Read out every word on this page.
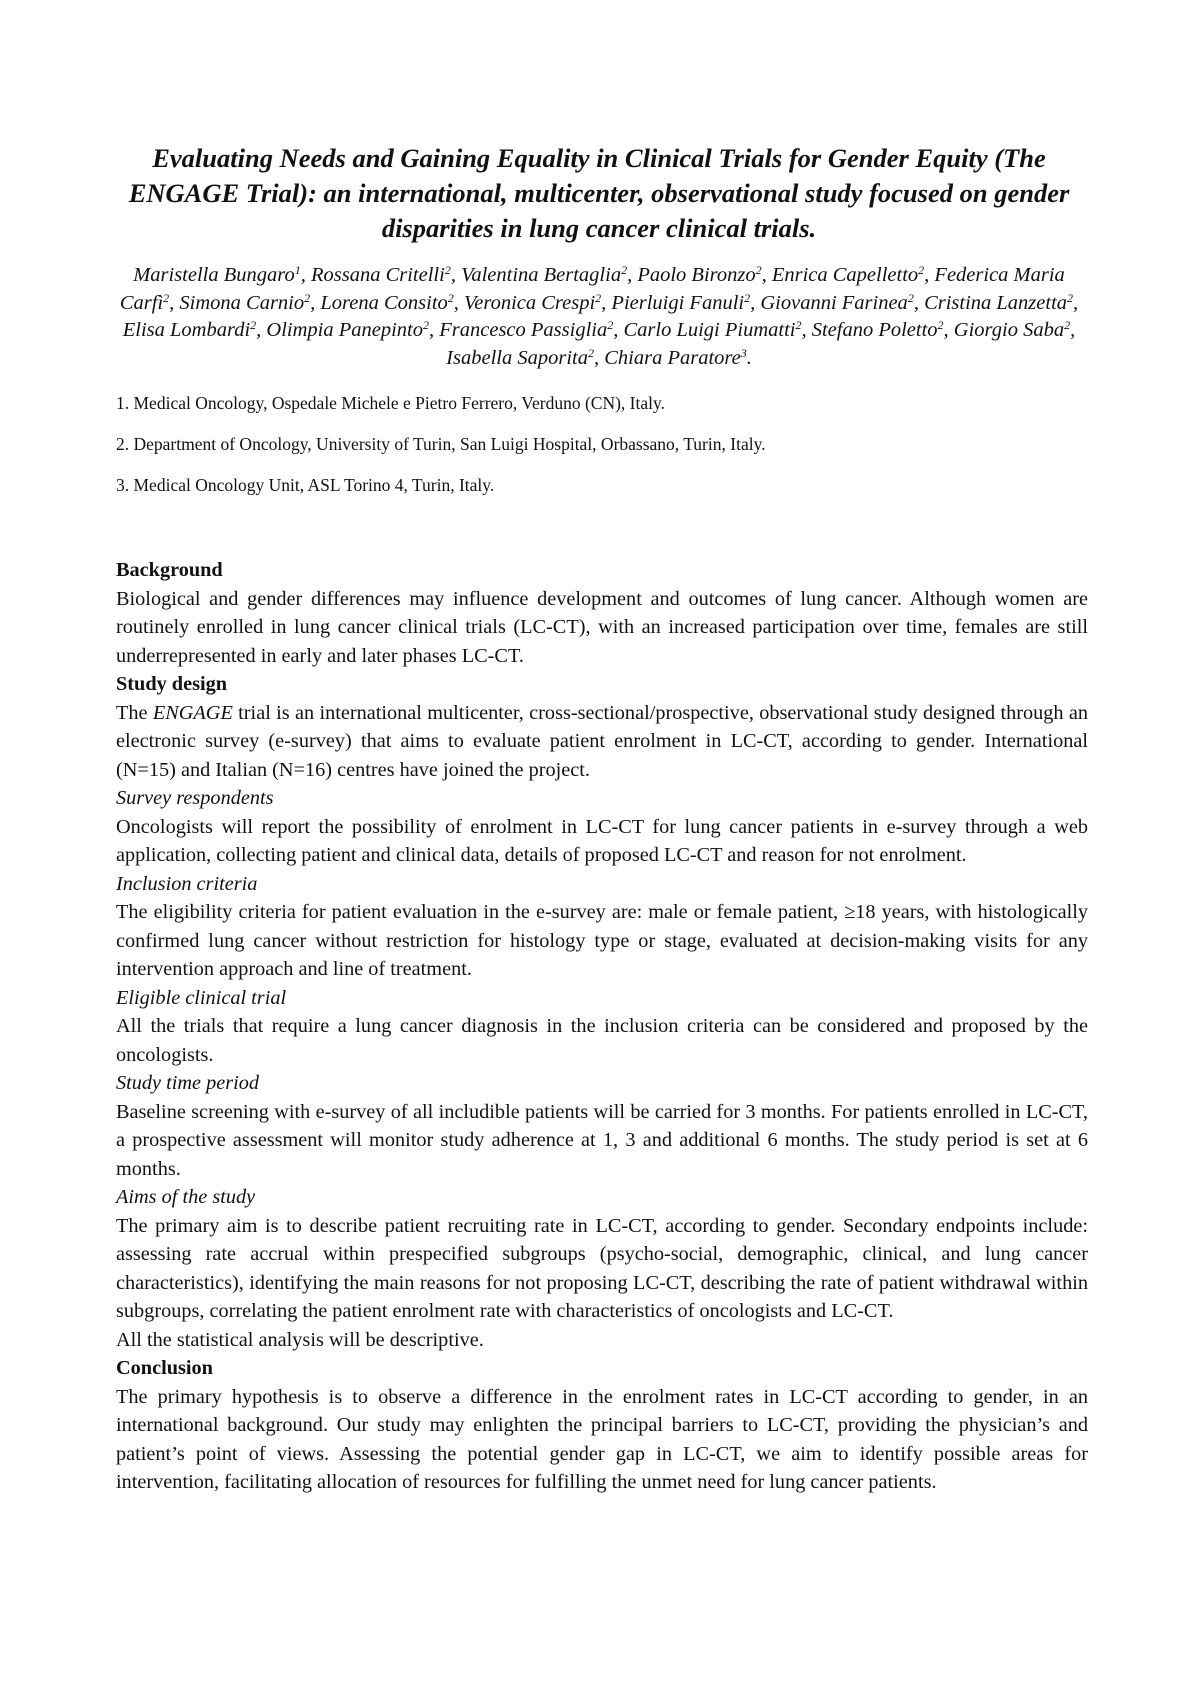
Evaluating Needs and Gaining Equality in Clinical Trials for Gender Equity (The ENGAGE Trial): an international, multicenter, observational study focused on gender disparities in lung cancer clinical trials.
Maristella Bungaro$^1$, Rossana Critelli$^2$, Valentina Bertaglia$^2$, Paolo Bironzo$^2$, Enrica Capelletto$^2$, Federica Maria Carfì$^2$, Simona Carnio$^2$, Lorena Consito$^2$, Veronica Crespi$^2$, Pierluigi Fanuli$^2$, Giovanni Farinea$^2$, Cristina Lanzetta$^2$, Elisa Lombardi$^2$, Olimpia Panepinto$^2$, Francesco Passiglia$^2$, Carlo Luigi Piumatti$^2$, Stefano Poletto$^2$, Giorgio Saba$^2$, Isabella Saporita$^2$, Chiara Paratore$^3$.
1. Medical Oncology, Ospedale Michele e Pietro Ferrero, Verduno (CN), Italy.
2. Department of Oncology, University of Turin, San Luigi Hospital, Orbassano, Turin, Italy.
3. Medical Oncology Unit, ASL Torino 4, Turin, Italy.

Background

Biological and gender differences may influence development and outcomes of lung cancer. Although women are routinely enrolled in lung cancer clinical trials (LC-CT), with an increased participation over time, females are still underrepresented in early and later phases LC-CT.

Study design

The ENGAGE trial is an international multicenter, cross-sectional/prospective, observational study designed through an electronic survey (e-survey) that aims to evaluate patient enrolment in LC-CT, according to gender. International (N=15) and Italian (N=16) centres have joined the project.

Survey respondents

Oncologists will report the possibility of enrolment in LC-CT for lung cancer patients in e-survey through a web application, collecting patient and clinical data, details of proposed LC-CT and reason for not enrolment.

Inclusion criteria

The eligibility criteria for patient evaluation in the e-survey are: male or female patient, ≥18 years, with histologically confirmed lung cancer without restriction for histology type or stage, evaluated at decision-making visits for any intervention approach and line of treatment.

Eligible clinical trial

All the trials that require a lung cancer diagnosis in the inclusion criteria can be considered and proposed by the oncologists.

Study time period

Baseline screening with e-survey of all includible patients will be carried for 3 months. For patients enrolled in LC-CT, a prospective assessment will monitor study adherence at 1, 3 and additional 6 months. The study period is set at 6 months.

Aims of the study

The primary aim is to describe patient recruiting rate in LC-CT, according to gender. Secondary endpoints include: assessing rate accrual within prespecified subgroups (psycho-social, demographic, clinical, and lung cancer characteristics), identifying the main reasons for not proposing LC-CT, describing the rate of patient withdrawal within subgroups, correlating the patient enrolment rate with characteristics of oncologists and LC-CT.

All the statistical analysis will be descriptive.

Conclusion

The primary hypothesis is to observe a difference in the enrolment rates in LC-CT according to gender, in an international background. Our study may enlighten the principal barriers to LC-CT, providing the physician’s and patient’s point of views. Assessing the potential gender gap in LC-CT, we aim to identify possible areas for intervention, facilitating allocation of resources for fulfilling the unmet need for lung cancer patients.
